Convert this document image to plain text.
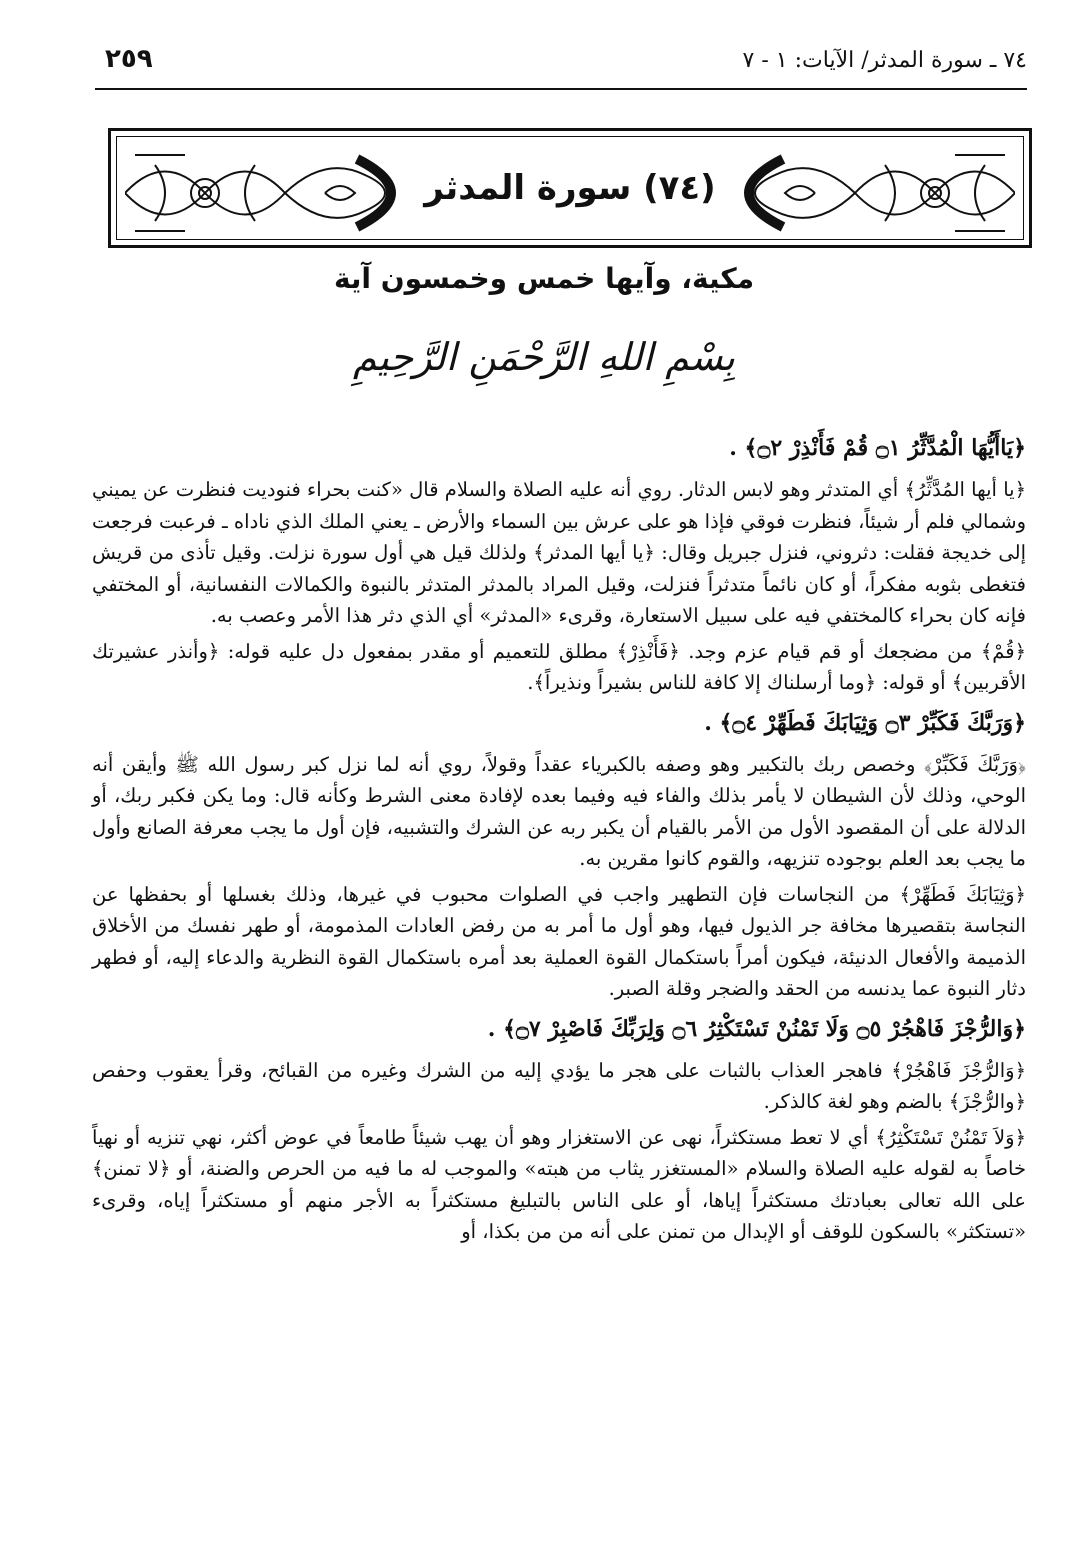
٢٥٩	٧٤ ـ سورة المدثر/ الآيات: ١ - ٧
(٧٤) سورة المدثر
مكية، وآيها خمس وخمسون آية
بِسْمِ اللهِ الرَّحْمَنِ الرَّحِيمِ

﴿يَاأَيُّهَا الْمُدَّثِّرُ ۝١ قُمْ فَأَنْذِرْ ۝٢﴾ .

﴿يا أيها المُدَّثِّرُ﴾ أي المتدثر وهو لابس الدثار. روي أنه عليه الصلاة والسلام قال «كنت بحراء فنوديت فنظرت عن يميني وشمالي فلم أر شيئاً، فنظرت فوقي فإذا هو على عرش بين السماء والأرض ـ يعني الملك الذي ناداه ـ فرعبت فرجعت إلى خديجة فقلت: دثروني، فنزل جبريل وقال: ﴿يا أيها المدثر﴾ ولذلك قيل هي أول سورة نزلت. وقيل تأذى من قريش فتغطى بثوبه مفكراً، أو كان نائماً متدثراً فنزلت، وقيل المراد بالمدثر المتدثر بالنبوة والكمالات النفسانية، أو المختفي فإنه كان بحراء كالمختفي فيه على سبيل الاستعارة، وقرىء «المدثر» أي الذي دثر هذا الأمر وعصب به.

﴿قُمْ﴾ من مضجعك أو قم قيام عزم وجد. ﴿فَأَنْذِرْ﴾ مطلق للتعميم أو مقدر بمفعول دل عليه قوله: ﴿وأنذر عشيرتك الأقربين﴾ أو قوله: ﴿وما أرسلناك إلا كافة للناس بشيراً ونذيراً﴾.

﴿وَرَبَّكَ فَكَبِّرْ ۝٣ وَثِيَابَكَ فَطَهِّرْ ۝٤﴾ .

﴿وَرَبَّكَ فَكَبِّرْ﴾ وخصص ربك بالتكبير وهو وصفه بالكبرياء عقداً وقولاً، روي أنه لما نزل كبر رسول الله ﷺ وأيقن أنه الوحي، وذلك لأن الشيطان لا يأمر بذلك والفاء فيه وفيما بعده لإفادة معنى الشرط وكأنه قال: وما يكن فكبر ربك، أو الدلالة على أن المقصود الأول من الأمر بالقيام أن يكبر ربه عن الشرك والتشبيه، فإن أول ما يجب معرفة الصانع وأول ما يجب بعد العلم بوجوده تنزيهه، والقوم كانوا مقرين به.

﴿وَثِيَابَكَ فَطَهِّرْ﴾ من النجاسات فإن التطهير واجب في الصلوات محبوب في غيرها، وذلك بغسلها أو بحفظها عن النجاسة بتقصيرها مخافة جر الذيول فيها، وهو أول ما أمر به من رفض العادات المذمومة، أو طهر نفسك من الأخلاق الذميمة والأفعال الدنيئة، فيكون أمراً باستكمال القوة العملية بعد أمره باستكمال القوة النظرية والدعاء إليه، أو فطهر دثار النبوة عما يدنسه من الحقد والضجر وقلة الصبر.

﴿وَالرُّجْزَ فَاهْجُرْ ۝٥ وَلَا تَمْنُنْ تَسْتَكْثِرُ ۝٦ وَلِرَبِّكَ فَاصْبِرْ ۝٧﴾ .

﴿وَالرُّجْزَ فَاهْجُرْ﴾ فاهجر العذاب بالثبات على هجر ما يؤدي إليه من الشرك وغيره من القبائح، وقرأ يعقوب وحفص ﴿والرُّجْزَ﴾ بالضم وهو لغة كالذكر.

﴿وَلاَ تَمْنُنْ تَسْتَكْثِرُ﴾ أي لا تعط مستكثراً، نهى عن الاستغزار وهو أن يهب شيئاً طامعاً في عوض أكثر، نهي تنزيه أو نهياً خاصاً به لقوله عليه الصلاة والسلام «المستغزر يثاب من هبته» والموجب له ما فيه من الحرص والضنة، أو ﴿لا تمنن﴾ على الله تعالى بعبادتك مستكثراً إياها، أو على الناس بالتبليغ مستكثراً به الأجر منهم أو مستكثراً إياه، وقرىء «تستكثر» بالسكون للوقف أو الإبدال من تمنن على أنه من من بكذا، أو
